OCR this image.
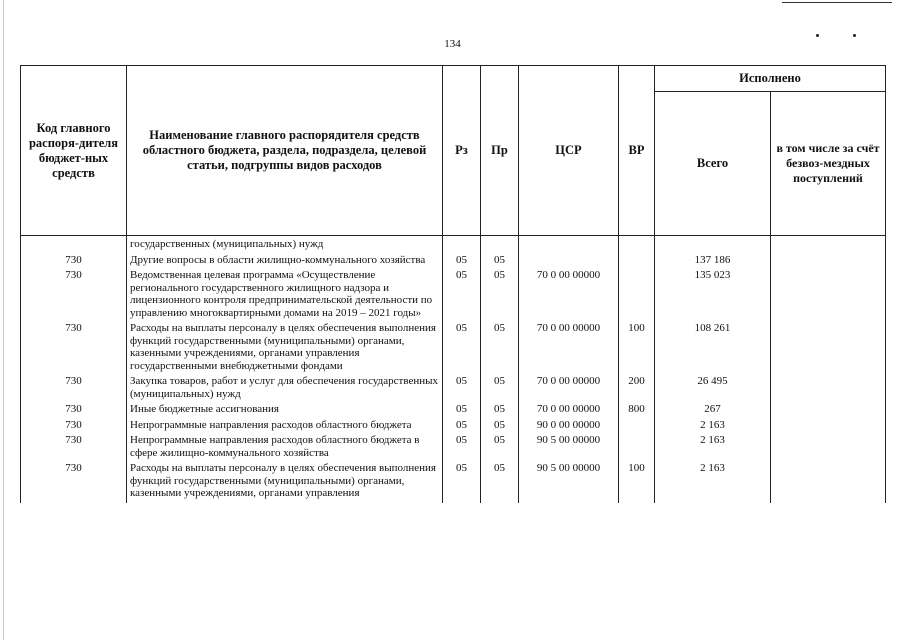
134
Код главного распоря-дителя бюджет-ных средств	Наименование главного распорядителя средств областного бюджета, раздела, подраздела, целевой статьи, подгруппы видов расходов	Рз	Пр	ЦСР	ВР	Исполнено	
						Всего	в том числе за счёт безвоз-мездных поступлений
	государственных (муниципальных) нужд						
730	Другие вопросы в области жилищно-коммунального хозяйства	05	05			137 186	
730	Ведомственная целевая программа «Осуществление регионального государственного жилищного надзора и лицензионного контроля предпринимательской деятельности по управлению многоквартирными домами на 2019 – 2021 годы»	05	05	70 0 00 00000		135 023	
730	Расходы на выплаты персоналу в целях обеспечения выполнения функций государственными (муниципальными) органами, казенными учреждениями, органами управления государственными внебюджетными фондами	05	05	70 0 00 00000	100	108 261	
730	Закупка товаров, работ и услуг для обеспечения государственных (муниципальных) нужд	05	05	70 0 00 00000	200	26 495	
730	Иные бюджетные ассигнования	05	05	70 0 00 00000	800	267	
730	Непрограммные направления расходов областного бюджета	05	05	90 0 00 00000		2 163	
730	Непрограммные направления расходов областного бюджета в сфере жилищно-коммунального хозяйства	05	05	90 5 00 00000		2 163	
730	Расходы на выплаты персоналу в целях обеспечения выполнения функций государственными (муниципальными) органами, казенными учреждениями, органами управления	05	05	90 5 00 00000	100	2 163	
